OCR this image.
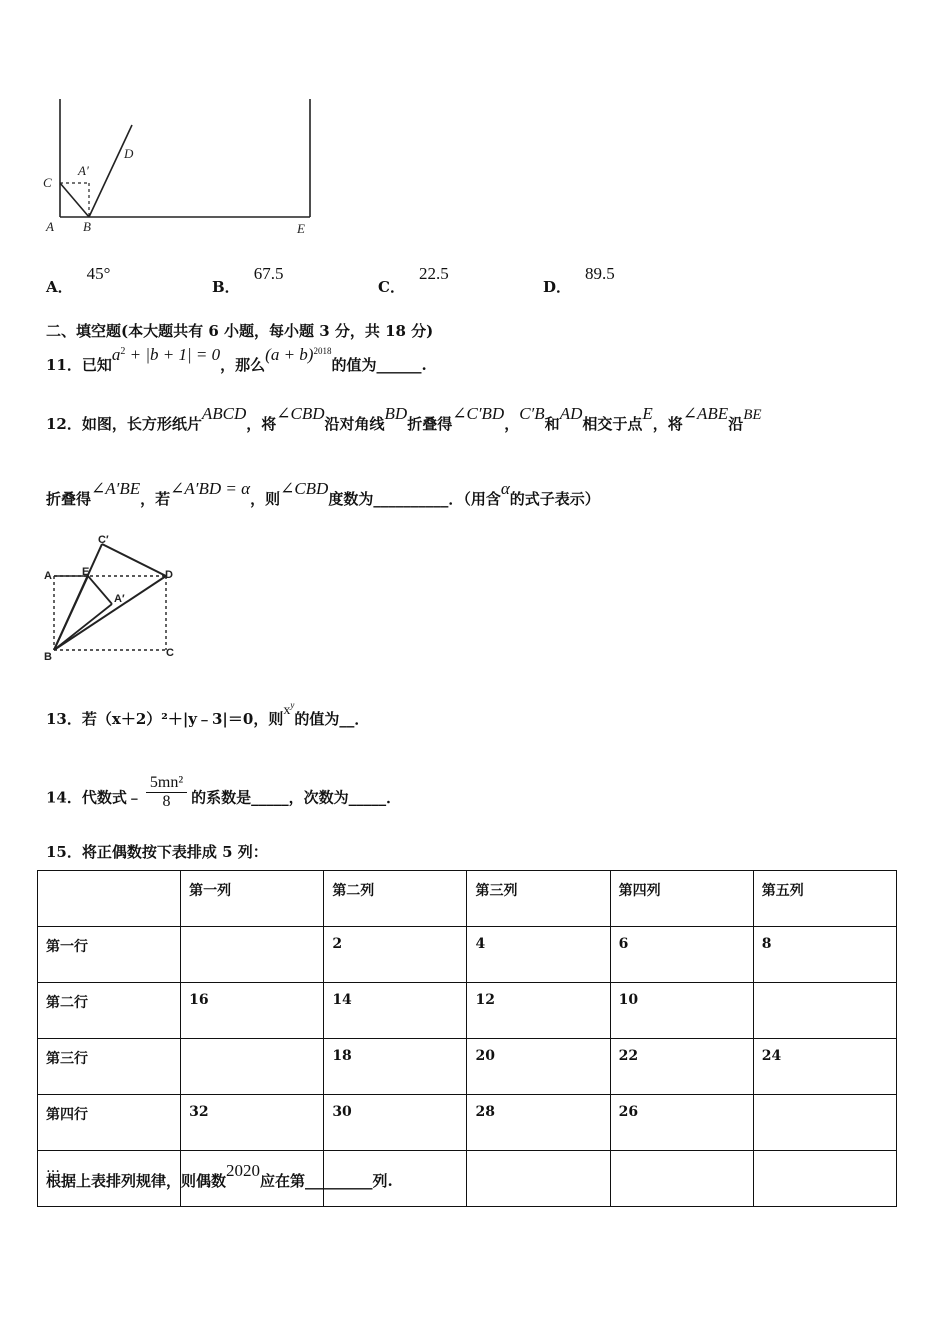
C
A′
D
A B	E
A．45°
B．67.5
C．22.5
D．89.5
二、填空题(本大题共有 6 小题，每小题 3 分，共 18 分)
11．已知$a^2 + |b + 1| = 0$，那么$(a + b)^{2018}$的值为______.
12．如图，长方形纸片ABCD，将∠CBD沿对角线BD折叠得∠C′BD，C′B和AD相交于点E，将∠ABE沿BE
折叠得∠A′BE，若∠A′BD = α，则∠CBD度数为__________．（用含α的式子表示）
C′
A	E	D
A′
B	C
13．若（x＋2）²＋|y﹣3|＝0，则$x^y$的值为__．
14．代数式﹣ $\frac{\text{5mn²}}{8}$ 的系数是_____，次数为_____．
15．将正偶数按下表排成 5 列：
	第一列	第二列	第三列	第四列	第五列
第一行		2	4	6	8
第二行	16	14	12	10	
第三行		18	20	22	24
第四行	32	30	28	26	
…					
根据上表排列规律，则偶数2020应在第_________列.
